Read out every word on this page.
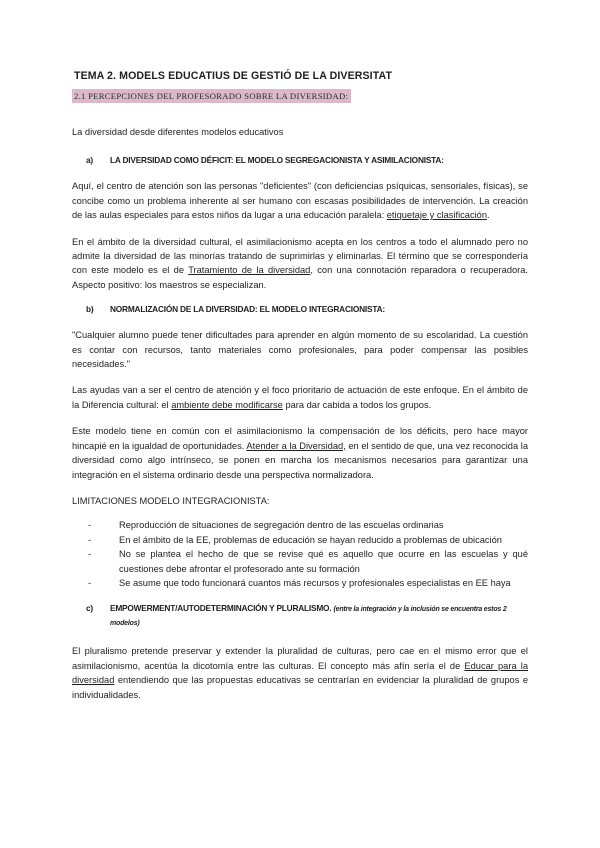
TEMA 2. MODELS EDUCATIUS DE GESTIÓ DE LA DIVERSITAT
2.1 PERCEPCIONES DEL PROFESORADO SOBRE LA DIVERSIDAD:

La diversidad desde diferentes modelos educativos

a)	LA DIVERSIDAD COMO DÉFICIT: EL MODELO SEGREGACIONISTA Y ASIMILACIONISTA:

Aquí, el centro de atención son las personas "deficientes" (con deficiencias psíquicas, sensoriales, físicas), se concibe como un problema inherente al ser humano con escasas posibilidades de intervención. La creación de las aulas especiales para estos niños da lugar a una educación paralela: etiquetaje y clasificación.

En el ámbito de la diversidad cultural, el asimilacionismo acepta en los centros a todo el alumnado pero no admite la diversidad de las minorías tratando de suprimirlas y eliminarlas. El término que se correspondería con este modelo es el de Tratamiento de la diversidad, con una connotación reparadora o recuperadora. Aspecto positivo: los maestros se especializan.

b)	NORMALIZACIÓN DE LA DIVERSIDAD: EL MODELO INTEGRACIONISTA:

"Cualquier alumno puede tener dificultades para aprender en algún momento de su escolaridad. La cuestión es contar con recursos, tanto materiales como profesionales, para poder compensar las posibles necesidades."

Las ayudas van a ser el centro de atención y el foco prioritario de actuación de este enfoque. En el ámbito de la Diferencia cultural: el ambiente debe modificarse para dar cabida a todos los grupos.

Este modelo tiene en común con el asimilacionismo la compensación de los déficits, pero hace mayor hincapié en la igualdad de oportunidades. Atender a la Diversidad, en el sentido de que, una vez reconocida la diversidad como algo intrínseco, se ponen en marcha los mecanismos necesarios para garantizar una integración en el sistema ordinario desde una perspectiva normalizadora.

LIMITACIONES MODELO INTEGRACIONISTA:

-	Reproducción de situaciones de segregación dentro de las escuelas ordinarias
-	En el ámbito de la EE, problemas de educación se hayan reducido a problemas de ubicación
-	No se plantea el hecho de que se revise qué es aquello que ocurre en las escuelas y qué cuestiones debe afrontar el profesorado ante su formación
-	Se asume que todo funcionará cuantos más recursos y profesionales especialistas en EE haya
c)	EMPOWERMENT/AUTODETERMINACIÓN Y PLURALISMO. (entre la integración y la inclusión se encuentra estos 2 modelos)

El pluralismo pretende preservar y extender la pluralidad de culturas, pero cae en el mismo error que el asimilacionismo, acentúa la dicotomía entre las culturas. El concepto más afín sería el de Educar para la diversidad entendiendo que las propuestas educativas se centrarían en evidenciar la pluralidad de grupos e individualidades.
